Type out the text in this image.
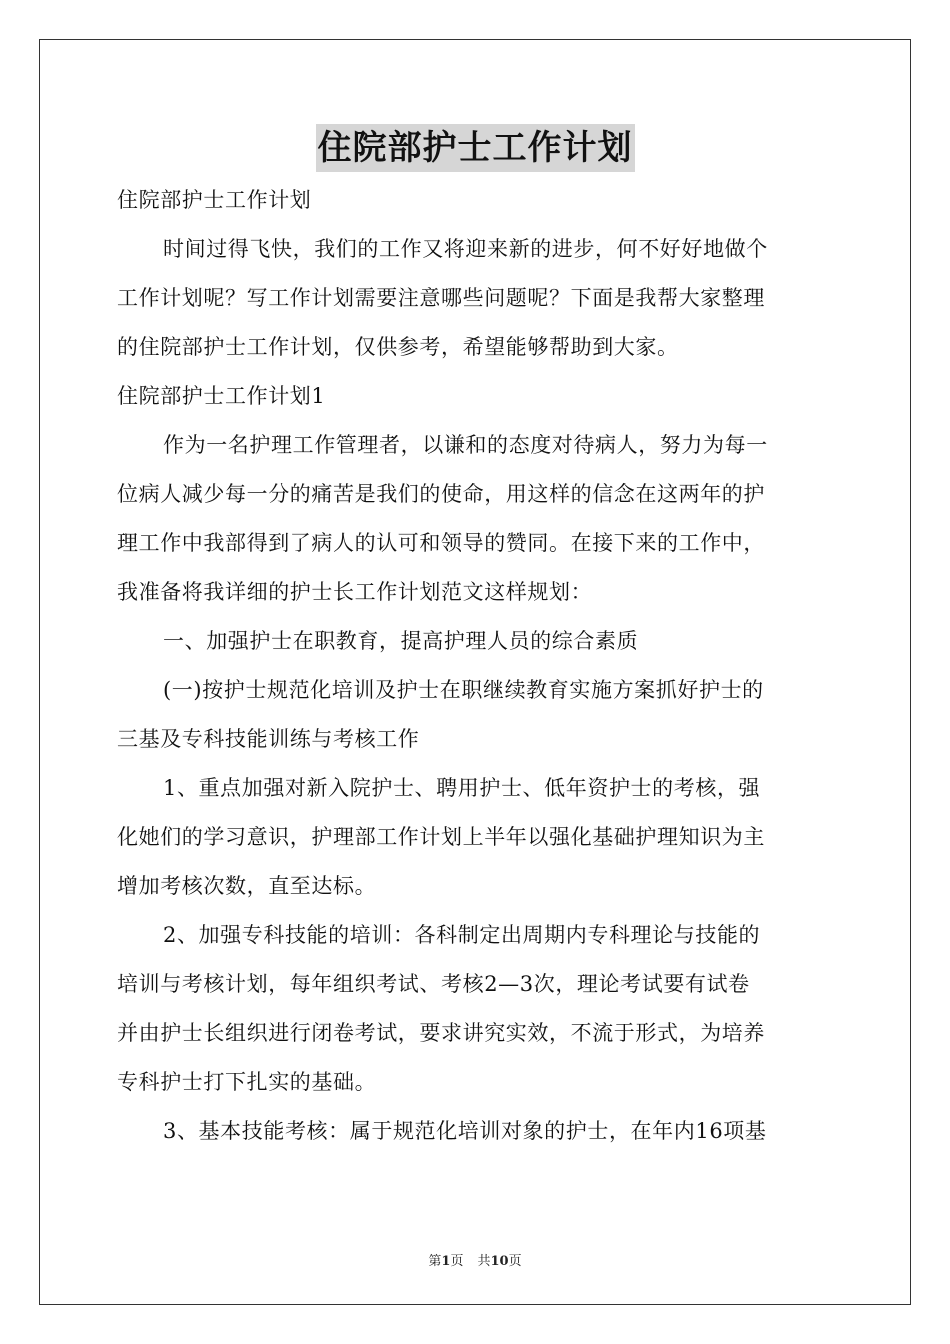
住院部护士工作计划

住院部护士工作计划

时间过得飞快，我们的工作又将迎来新的进步，何不好好地做个

工作计划呢？写工作计划需要注意哪些问题呢？下面是我帮大家整理

的住院部护士工作计划，仅供参考，希望能够帮助到大家。

住院部护士工作计划1

作为一名护理工作管理者，以谦和的态度对待病人，努力为每一

位病人减少每一分的痛苦是我们的使命，用这样的信念在这两年的护

理工作中我部得到了病人的认可和领导的赞同。在接下来的工作中，

我准备将我详细的护士长工作计划范文这样规划：

一、加强护士在职教育，提高护理人员的综合素质

(一)按护士规范化培训及护士在职继续教育实施方案抓好护士的

三基及专科技能训练与考核工作

1、重点加强对新入院护士、聘用护士、低年资护士的考核，强

化她们的学习意识，护理部工作计划上半年以强化基础护理知识为主

增加考核次数，直至达标。

2、加强专科技能的培训：各科制定出周期内专科理论与技能的

培训与考核计划，每年组织考试、考核2—3次，理论考试要有试卷

并由护士长组织进行闭卷考试，要求讲究实效，不流于形式，为培养

专科护士打下扎实的基础。

3、基本技能考核：属于规范化培训对象的护士，在年内16项基

第1页 共10页
